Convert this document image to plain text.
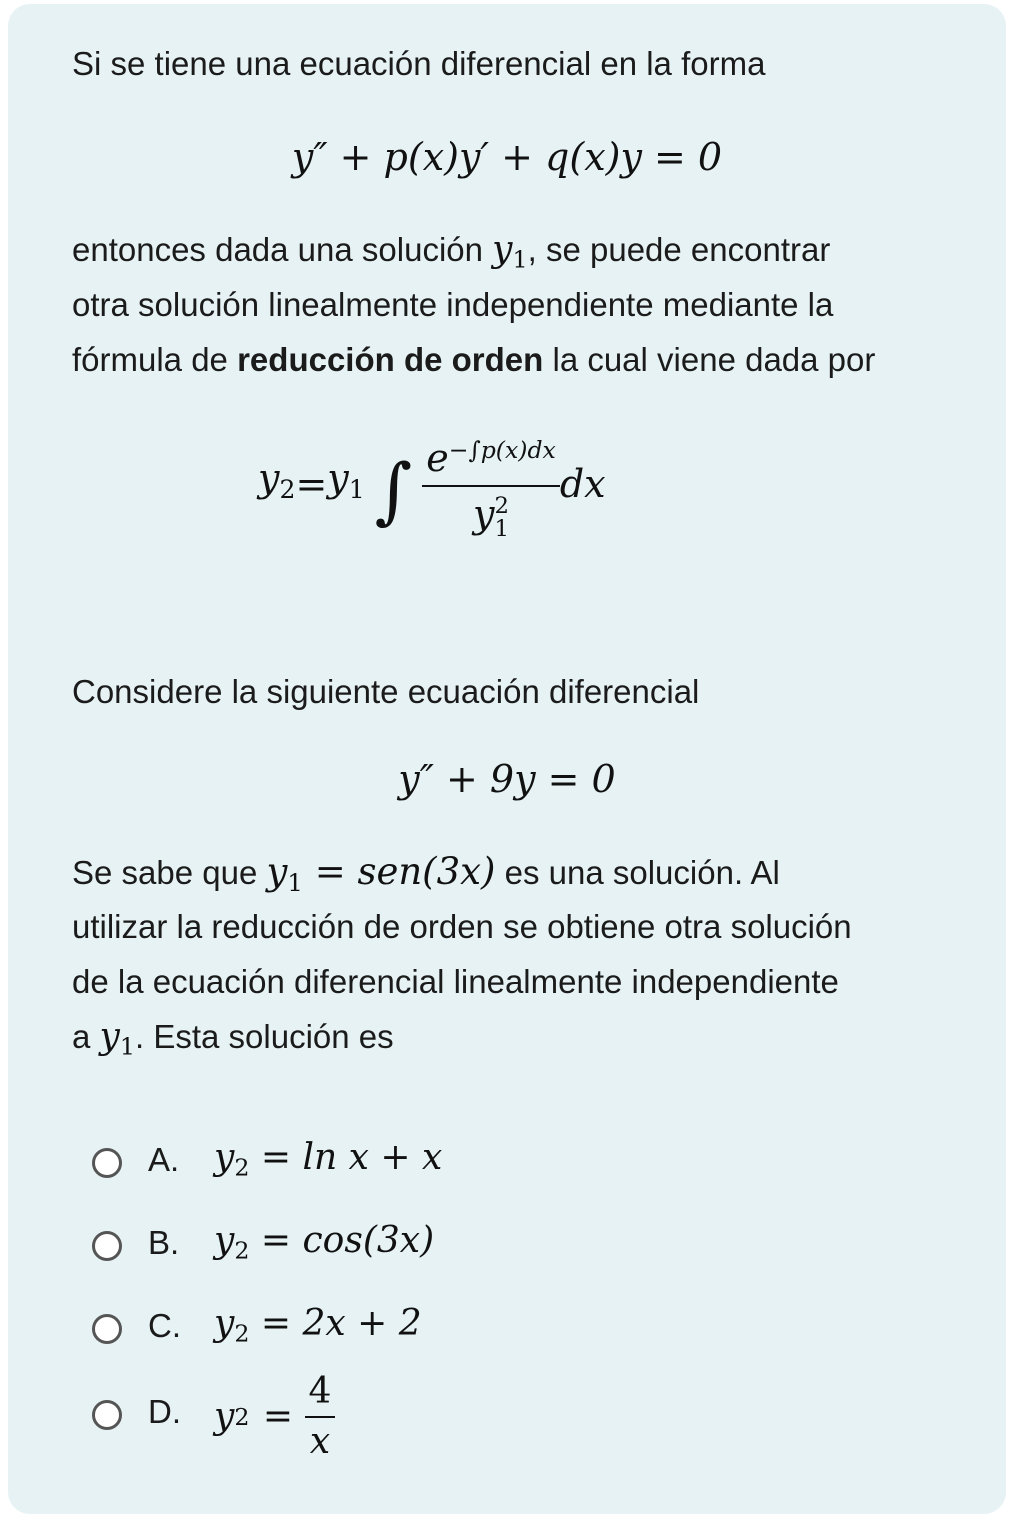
Si se tiene una ecuación diferencial en la forma
y″ + p(x)y′ + q(x)y = 0
entonces dada una solución $y_1$, se puede encontrar
otra solución linealmente independiente mediante la
fórmula de reducción de orden la cual viene dada por
$y_2 = y_1$ ∫ $e^{-\int p(x)dx}$
y 2
1 dx
Considere la siguiente ecuación diferencial
y″ + 9y = 0
Se sabe que $y_1 = sen(3x)$ es una solución. Al
utilizar la reducción de orden se obtiene otra solución
de la ecuación diferencial linealmente independiente
a $y_1$. Esta solución es
A. $y_2 = \ln x + x$
B. $y_2 = \cos(3x)$
C. $y_2 = 2x + 2$
D. y $2 = \frac{4}{x}$
